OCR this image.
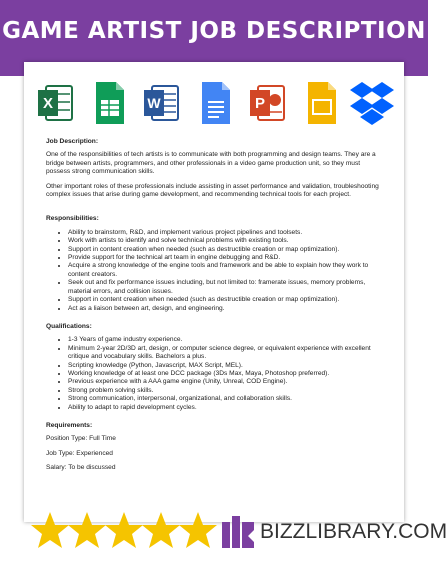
GAME ARTIST JOB DESCRIPTION
X	W	P
Job Description:
One of the responsibilities of tech artists is to communicate with both programming and design teams. They are a bridge between artists, programmers, and other professionals in a video game production unit, so they must possess strong communication skills.
Other important roles of these professionals include assisting in asset performance and validation, troubleshooting complex issues that arise during game development, and recommending technical tools for each project.
Responsibilities:
• Ability to brainstorm, R&D, and implement various project pipelines and toolsets.
• Work with artists to identify and solve technical problems with existing tools.
• Support in content creation when needed (such as destructible creation or map optimization).
• Provide support for the technical art team in engine debugging and R&D.
• Acquire a strong knowledge of the engine tools and framework and be able to explain how they work to content creators.
• Seek out and fix performance issues including, but not limited to: framerate issues, memory problems, material errors, and collision issues.
• Support in content creation when needed (such as destructible creation or map optimization).
• Act as a liaison between art, design, and engineering.
Qualifications:
• 1-3 Years of game industry experience.
• Minimum 2-year 2D/3D art, design, or computer science degree, or equivalent experience with excellent critique and vocabulary skills. Bachelors a plus.
• Scripting knowledge (Python, Javascript, MAX Script, MEL).
• Working knowledge of at least one DCC package (3Ds Max, Maya, Photoshop preferred).
• Previous experience with a AAA game engine (Unity, Unreal, COD Engine).
• Strong problem solving skills.
• Strong communication, interpersonal, organizational, and collaboration skills.
• Ability to adapt to rapid development cycles.
Requirements:
Position Type: Full Time
Job Type: Experienced
Salary: To be discussed
BIZZLIBRARY.COM
